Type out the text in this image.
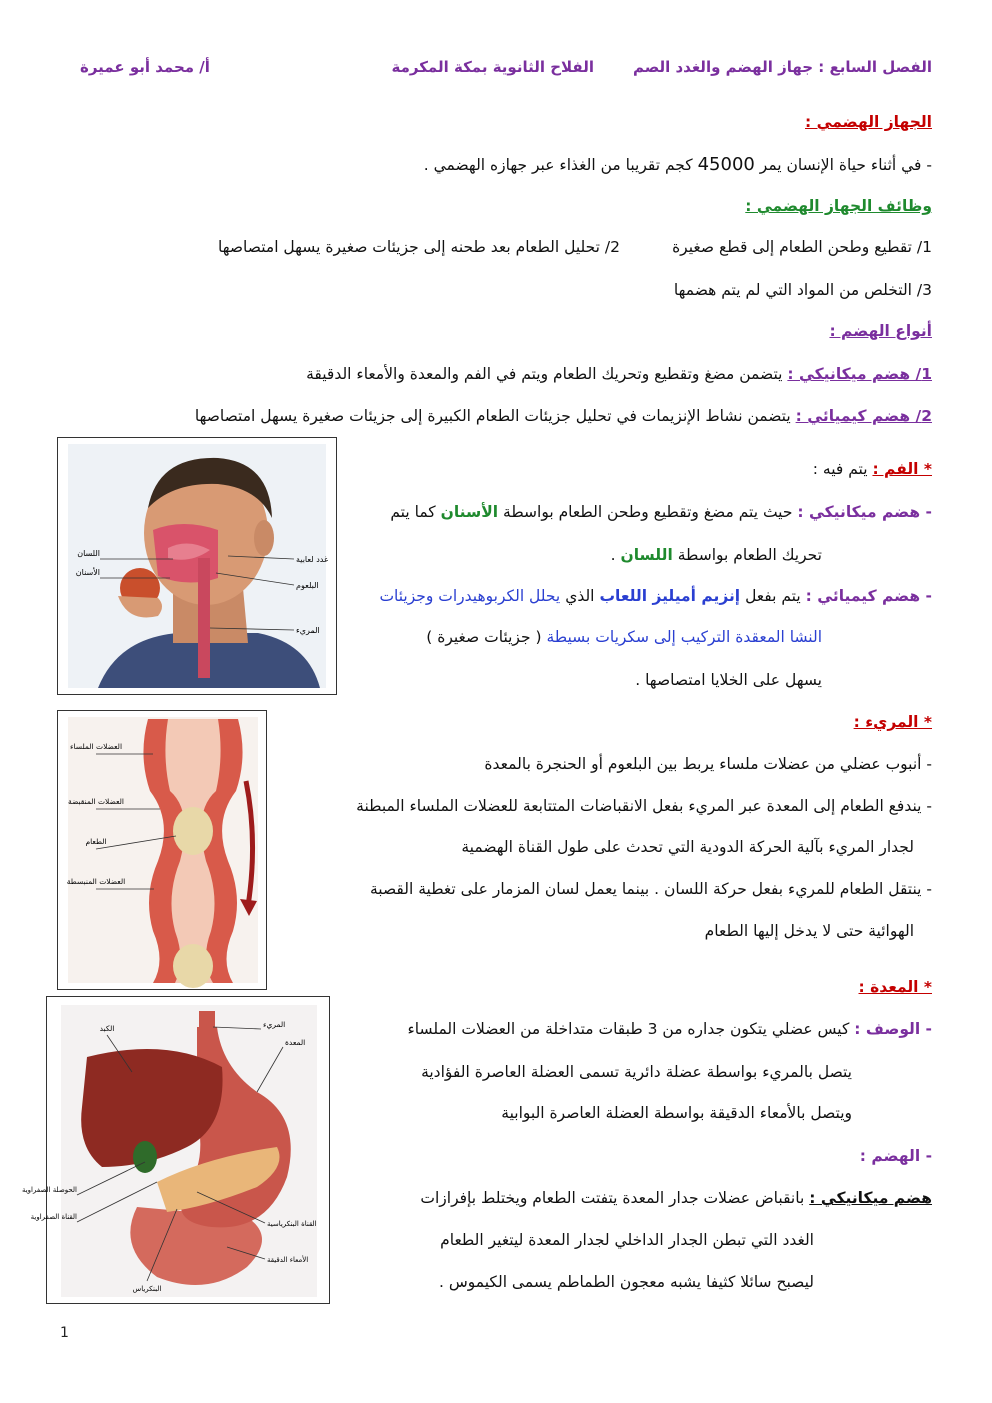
الفصل السابع : جهاز الهضم والغدد الصم
الفلاح الثانوية بمكة المكرمة
أ/ محمد أبو عميرة
الجهاز الهضمي :
- في أثناء حياة الإنسان يمر 45000 كجم تقريبا من الغذاء عبر جهازه الهضمي .
وظائف الجهاز الهضمي :
1/ تقطيع وطحن الطعام إلى قطع صغيرة
2/ تحليل الطعام بعد طحنه إلى جزيئات صغيرة يسهل امتصاصها
3/ التخلص من المواد التي لم يتم هضمها
أنواع الهضم :
1/ هضم ميكانيكي : يتضمن مضغ وتقطيع وتحريك الطعام ويتم في الفم والمعدة والأمعاء الدقيقة
2/ هضم كيميائي : يتضمن نشاط الإنزيمات في تحليل جزيئات الطعام الكبيرة إلى جزيئات صغيرة يسهل امتصاصها
اللسان
الأسنان
غدد لعابية
البلعوم
المريء
* الفم : يتم فيه :
- هضم ميكانيكي : حيث يتم مضغ وتقطيع وطحن الطعام بواسطة الأسنان كما يتم
تحريك الطعام بواسطة اللسان .
- هضم كيميائي : يتم بفعل إنزيم أميليز اللعاب الذي يحلل الكربوهيدرات وجزيئات
النشا المعقدة التركيب إلى سكريات بسيطة ( جزيئات صغيرة )
يسهل على الخلايا امتصاصها .
العضلات الملساء
العضلات المنقبضة
الطعام
العضلات المنبسطة
* المريء :
- أنبوب عضلي من عضلات ملساء يربط بين البلعوم أو الحنجرة بالمعدة
- يندفع الطعام إلى المعدة عبر المريء بفعل الانقباضات المتتابعة للعضلات الملساء المبطنة
لجدار المريء بآلية الحركة الدودية التي تحدث على طول القناة الهضمية
- ينتقل الطعام للمريء بفعل حركة اللسان . بينما يعمل لسان المزمار على تغطية القصبة
الهوائية حتى لا يدخل إليها الطعام
الكبد	المريء
المعدة
الحوصلة الصفراوية
القناة الصفراوية
القناة البنكرياسية
الأمعاء الدقيقة
البنكرياس
* المعدة :
- الوصف : كيس عضلي يتكون جداره من 3 طبقات متداخلة من العضلات الملساء
يتصل بالمريء بواسطة عضلة دائرية تسمى العضلة العاصرة الفؤادية
ويتصل بالأمعاء الدقيقة بواسطة العضلة العاصرة البوابية
- الهضم :
هضم ميكانيكي : بانقباض عضلات جدار المعدة يتفتت الطعام ويختلط بإفرازات
الغدد التي تبطن الجدار الداخلي لجدار المعدة ليتغير الطعام
ليصبح سائلا كثيفا يشبه معجون الطماطم يسمى الكيموس .
1
